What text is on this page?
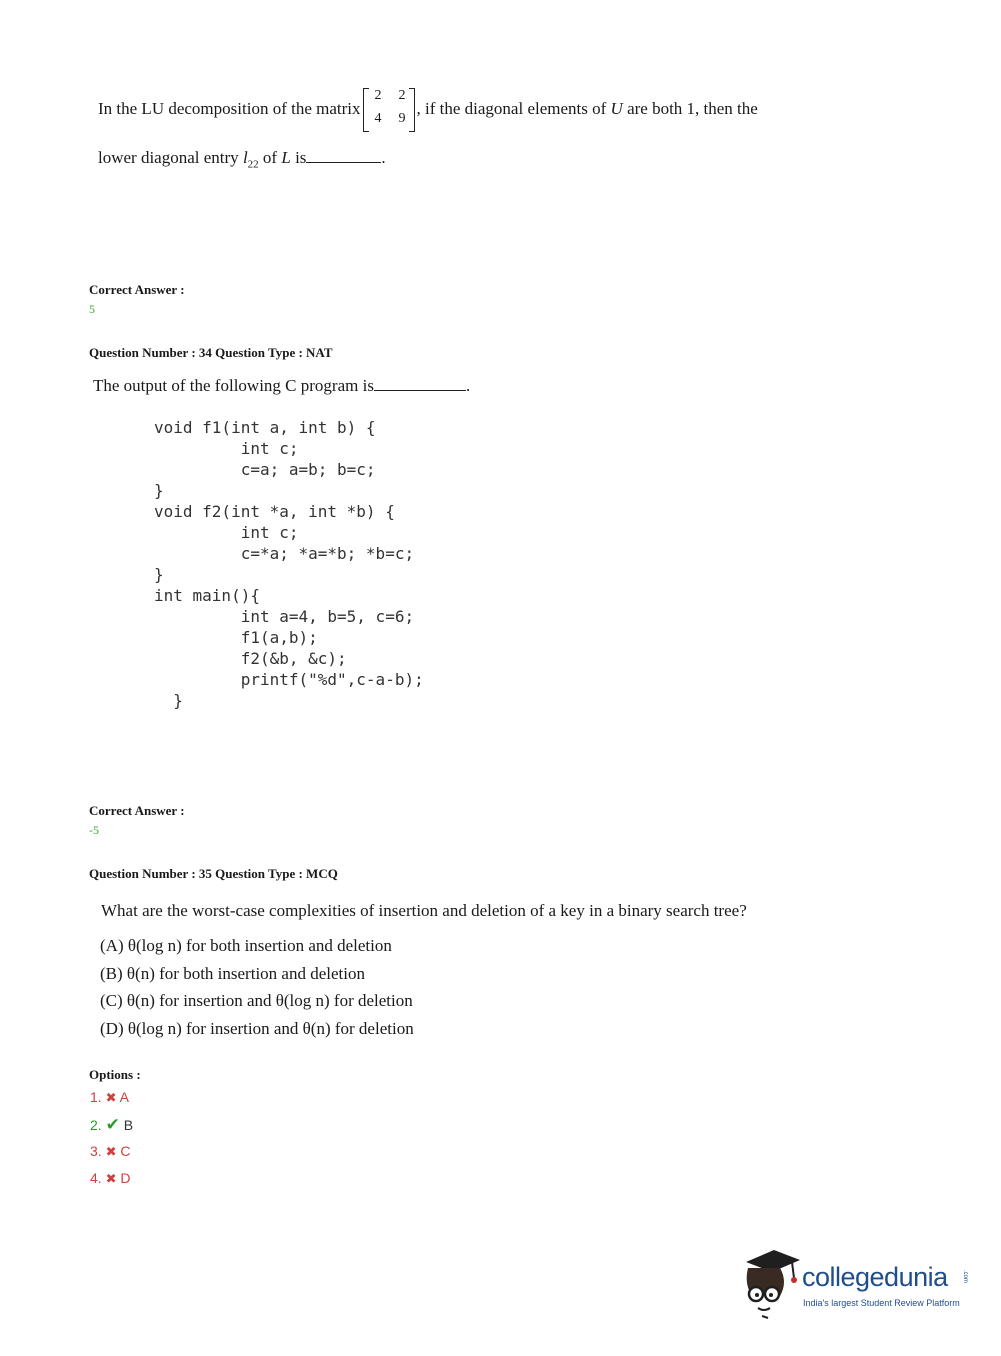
In the LU decomposition of the matrix
2 2
4 9
, if the diagonal elements of U are both 1, then the
lower diagonal entry $l_{22}$ of L is	.
Correct Answer :
5
Question Number : 34 Question Type : NAT
The output of the following C program is	.
void f1(int a, int b) {
int c;
c=a; a=b; b=c;
}
void f2(int *a, int *b) {
int c;
c=*a; *a=*b; *b=c;
}
int main(){
int a=4, b=5, c=6;
f1(a,b);
f2(&b, &c);
printf("%d",c-a-b);
}
Correct Answer :
-5
Question Number : 35 Question Type : MCQ
What are the worst-case complexities of insertion and deletion of a key in a binary search tree?
(A) θ(log n) for both insertion and deletion
(B) θ(n) for both insertion and deletion
(C) θ(n) for insertion and θ(log n) for deletion
(D) θ(log n) for insertion and θ(n) for deletion
Options :
1. ✖ A
2. ✔ B
3. ✖ C
4. ✖ D
collegedunia .com
India's largest Student Review Platform
